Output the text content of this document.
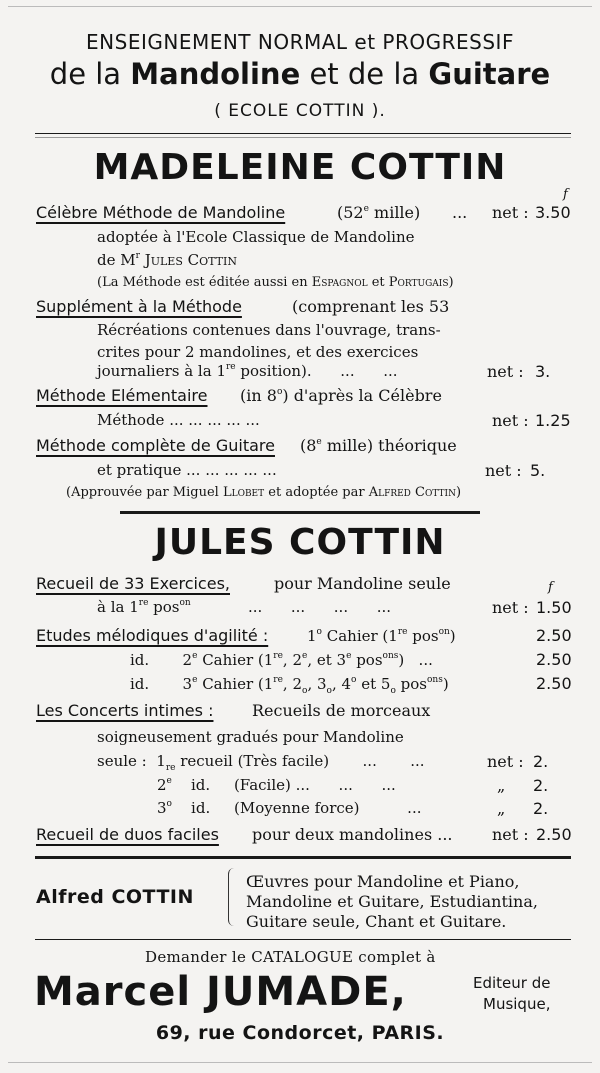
ENSEIGNEMENT NORMAL et PROGRESSIF
de la Mandoline et de la Guitare
( ECOLE COTTIN ).
MADELEINE COTTIN
f
Célèbre Méthode de Mandoline	(52e mille) ... net : 3.50
adoptée à l'Ecole Classique de Mandoline
de $M^r$ Jules Cottin
(La Méthode est éditée aussi en Espagnol et Portugais)
Supplément à la Méthode	(comprenant les 53
Récréations contenues dans l'ouvrage, trans-
crites pour 2 mandolines, et des exercices
journaliers à la 1re position).      ...      ...	net : 3.
Méthode Elémentaire (in 8$^o$) d'après la Célèbre
Méthode ... ... ... ... ...	net : 1.25
Méthode complète de Guitare (8e mille) théorique
et pratique ... ... ... ... ...	net : 5.
(Approuvée par Miguel Llobet et adoptée par Alfred Cottin)
JULES COTTIN
Recueil de 33 Exercices,	pour Mandoline seule	f
à la 1re pos$^{on}$            ...      ...      ...      ...	net : 1.50
Etudes mélodiques d'agilité :	1$^o$ Cahier (1re pos$^{on}$)	2.50
id.       2e Cahier (1re, 2e, et 3e pos$^{ons}$)   ...	2.50
id.       3e Cahier (1re, $2_o$, $3_o$, 4$^o$ et $5_o$ pos$^{ons}$)	2.50
Les Concerts intimes : Recueils de morceaux
soigneusement gradués pour Mandoline
seule :  $1_{re}$ recueil (Très facile)       ...       ...	net : 2.
2e    id.     (Facile) ...      ...      ...	„ 2.
3$^o$    id.     (Moyenne force)          ...	„ 2.
Recueil de duos faciles pour deux mandolines ... net : 2.50
Alfred COTTIN
Œuvres pour Mandoline et Piano,
Mandoline et Guitare, Estudiantina,
Guitare seule, Chant et Guitare.
Demander le CATALOGUE complet à
Marcel JUMADE,	Editeur de
Musique,
69, rue Condorcet, PARIS.
